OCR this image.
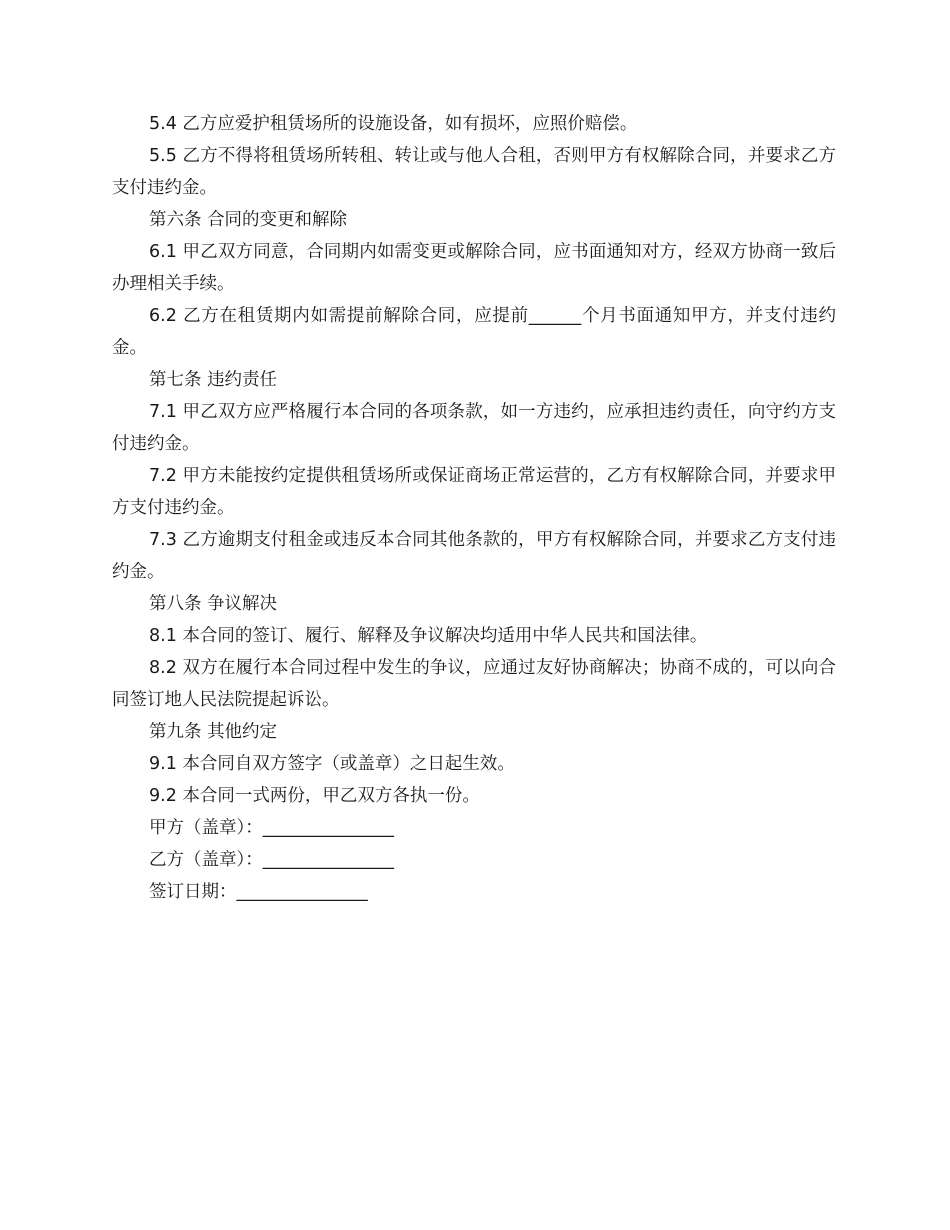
5.4 乙方应爱护租赁场所的设施设备，如有损坏，应照价赔偿。

5.5 乙方不得将租赁场所转租、转让或与他人合租，否则甲方有权解除合同，并要求乙方支付违约金。

第六条 合同的变更和解除

6.1 甲乙双方同意，合同期内如需变更或解除合同，应书面通知对方，经双方协商一致后办理相关手续。

6.2 乙方在租赁期内如需提前解除合同，应提前______个月书面通知甲方，并支付违约金。

第七条 违约责任

7.1 甲乙双方应严格履行本合同的各项条款，如一方违约，应承担违约责任，向守约方支付违约金。

7.2 甲方未能按约定提供租赁场所或保证商场正常运营的，乙方有权解除合同，并要求甲方支付违约金。

7.3 乙方逾期支付租金或违反本合同其他条款的，甲方有权解除合同，并要求乙方支付违约金。

第八条 争议解决

8.1 本合同的签订、履行、解释及争议解决均适用中华人民共和国法律。

8.2 双方在履行本合同过程中发生的争议，应通过友好协商解决；协商不成的，可以向合同签订地人民法院提起诉讼。

第九条 其他约定

9.1 本合同自双方签字（或盖章）之日起生效。

9.2 本合同一式两份，甲乙双方各执一份。

甲方（盖章）：_______________

乙方（盖章）：_______________

签订日期：_______________
